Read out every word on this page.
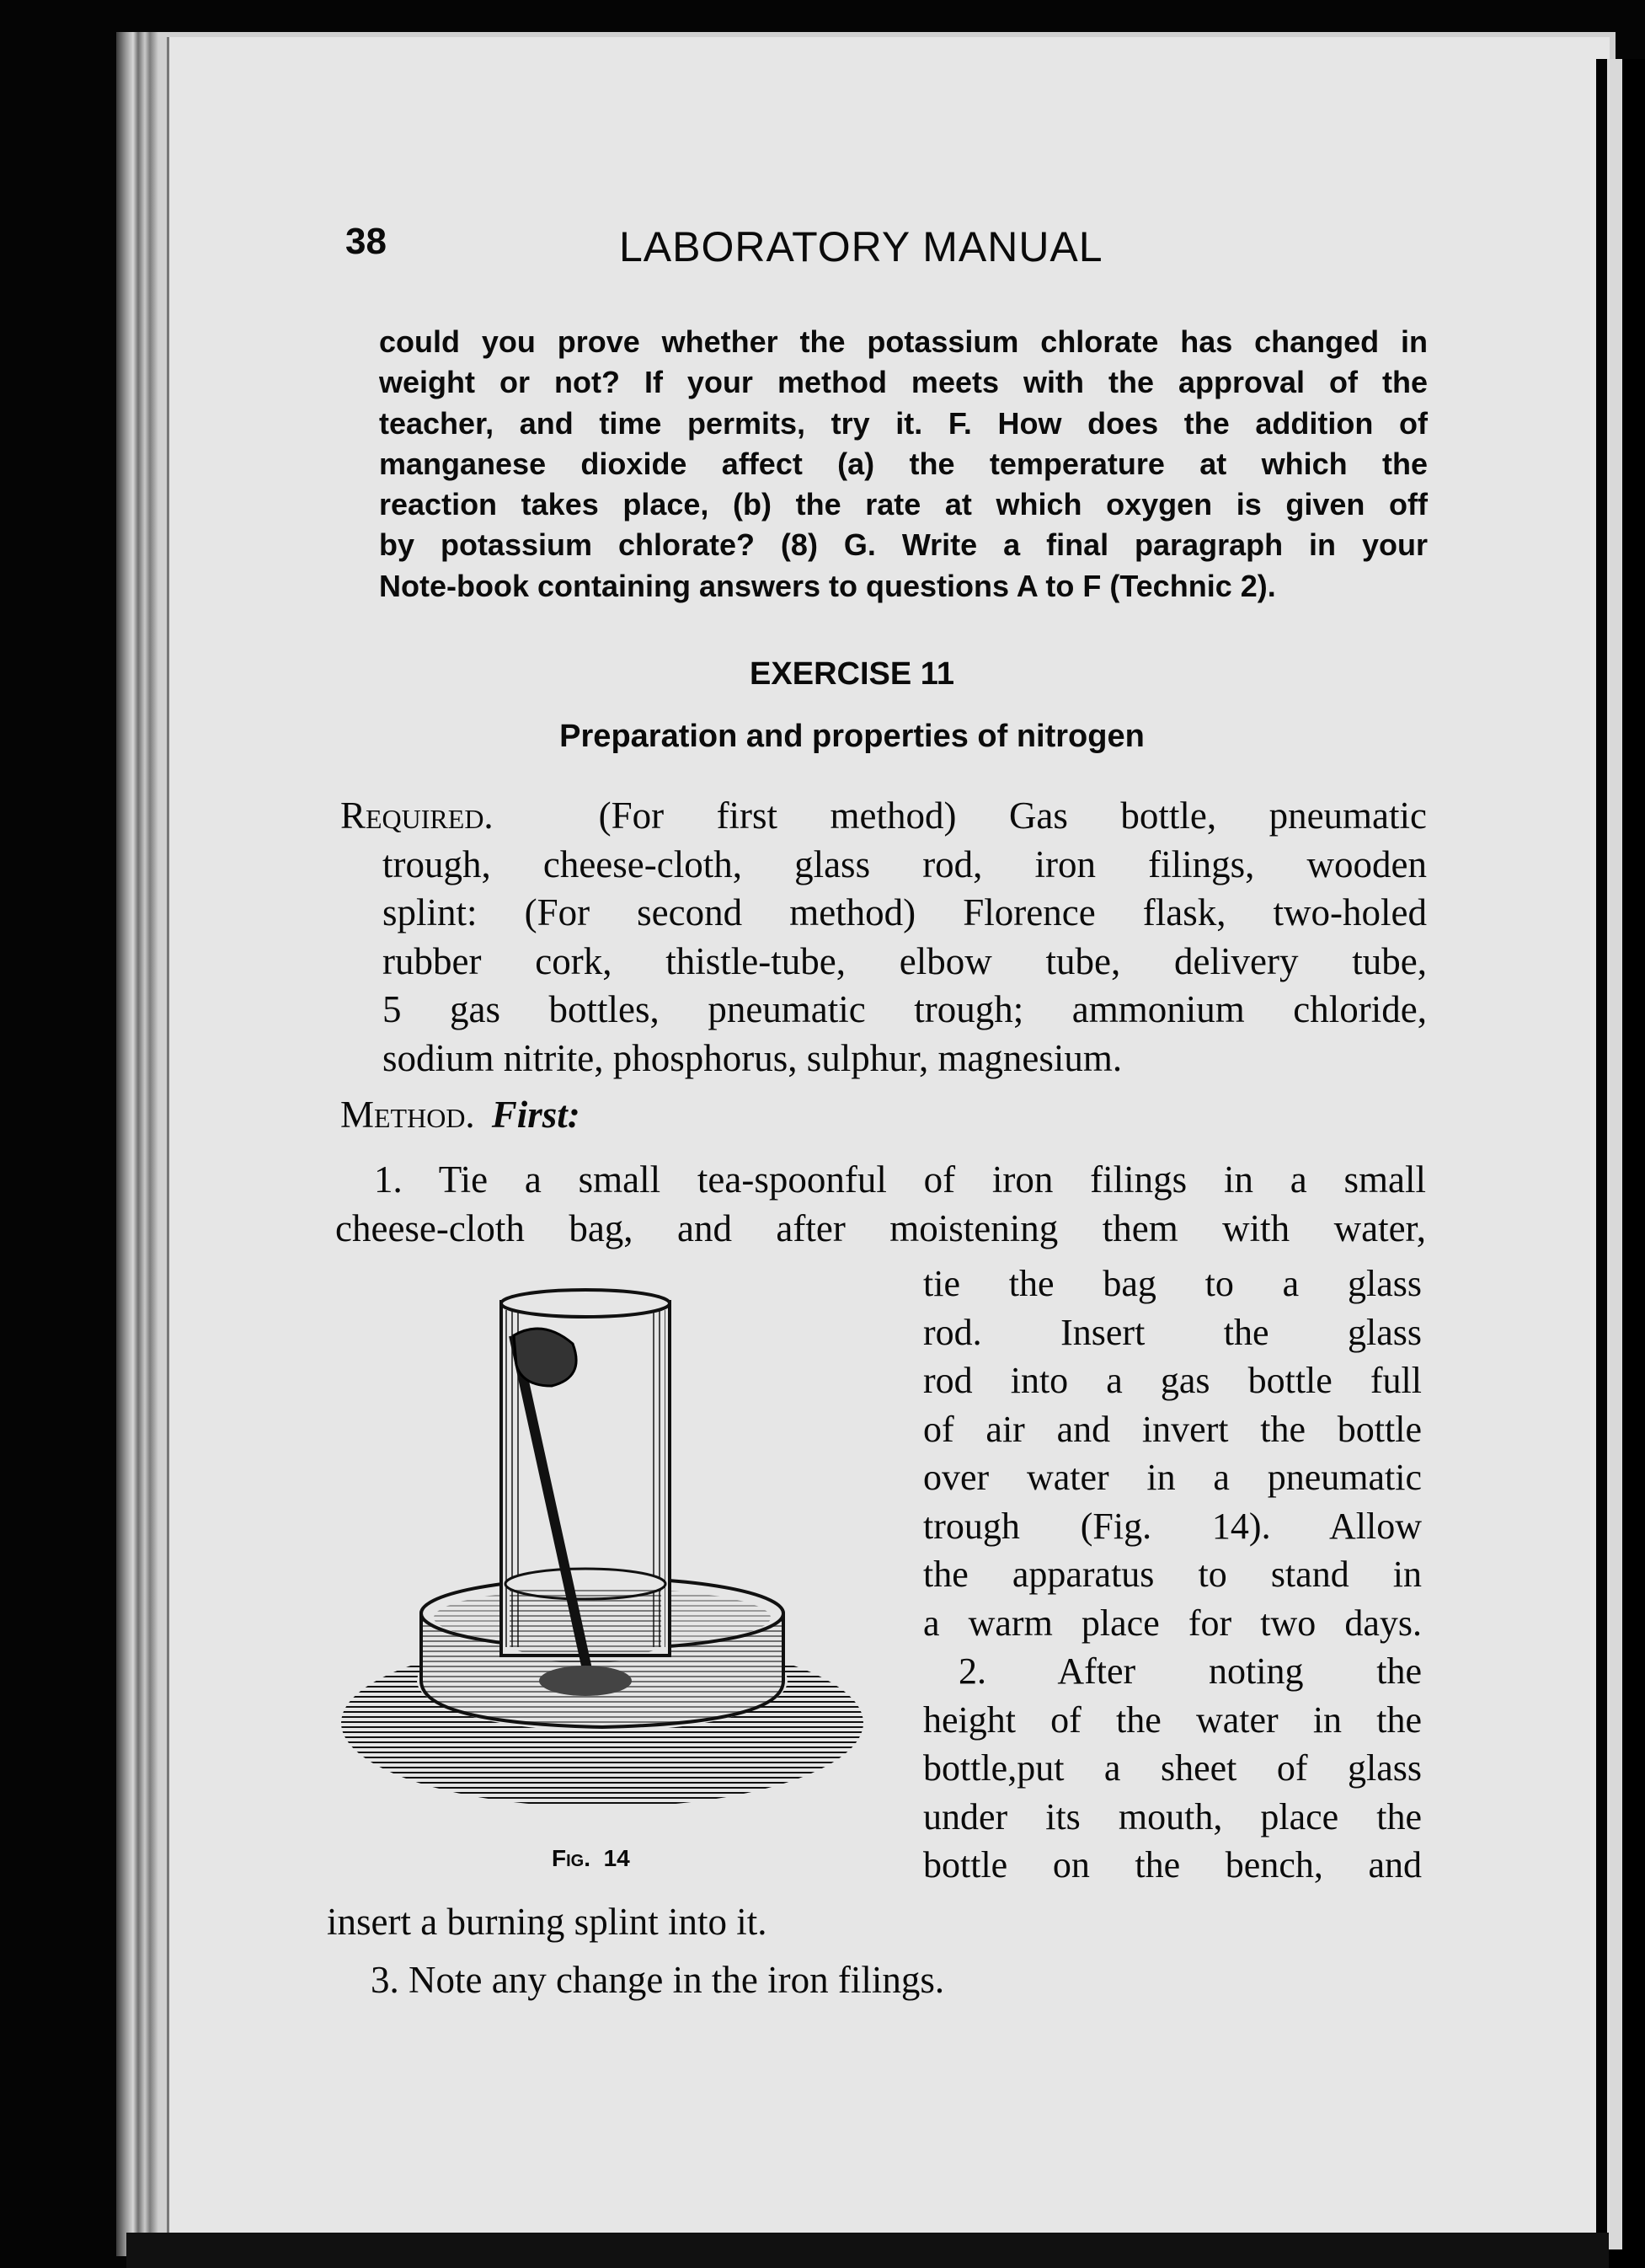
38	LABORATORY MANUAL
could you prove whether the potassium chlorate has changed in
weight or not? If your method meets with the approval of the
teacher, and time permits, try it. F. How does the addition of
manganese dioxide affect (a) the temperature at which the
reaction takes place, (b) the rate at which oxygen is given off
by potassium chlorate? (8) G. Write a final paragraph in your
Note-book containing answers to questions A to F (Technic 2).
EXERCISE 11
Preparation and properties of nitrogen
Required.	(For first method) Gas bottle, pneumatic
trough, cheese-cloth, glass rod, iron filings, wooden
splint: (For second method) Florence flask, two-holed
rubber cork, thistle-tube, elbow tube, delivery tube,
5 gas bottles, pneumatic trough; ammonium chloride,
sodium nitrite, phosphorus, sulphur, magnesium.
Method. First:
1. Tie a small tea-spoonful of iron filings in a small
cheese-cloth bag, and after moistening them with water,
tie the bag to a glass
rod. Insert the glass
rod into a gas bottle full
of air and invert the bottle
over water in a pneumatic
trough (Fig. 14). Allow
the apparatus to stand in
a warm place for two days.
2. After noting the
height of the water in the
bottle,put a sheet of glass
under its mouth, place the
bottle on the bench, and
insert a burning splint into it.
3. Note any change in the iron filings.
Fig. 14
